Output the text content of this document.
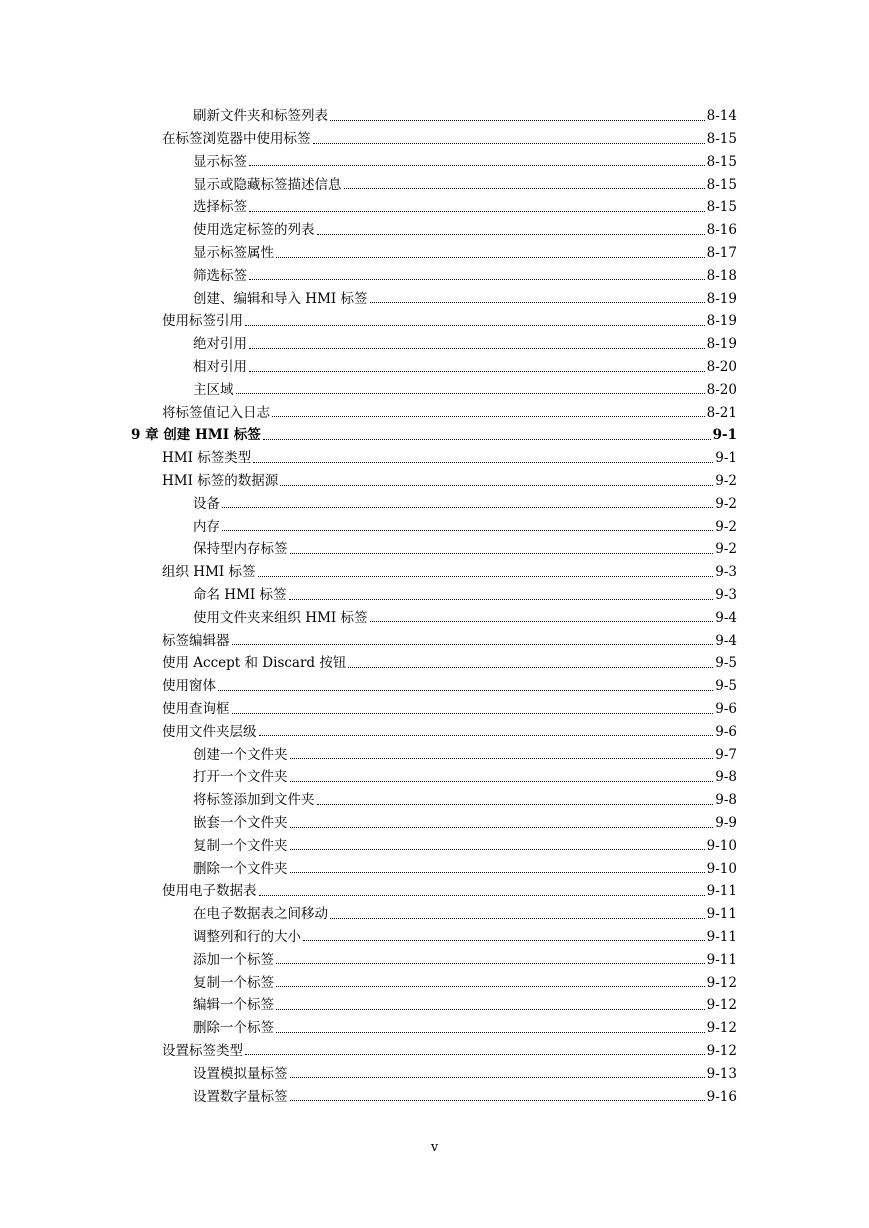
刷新文件夹和标签列表	8-14
在标签浏览器中使用标签	8-15
显示标签	8-15
显示或隐藏标签描述信息	8-15
选择标签	8-15
使用选定标签的列表	8-16
显示标签属性	8-17
筛选标签	8-18
创建、编辑和导入 HMI 标签	8-19
使用标签引用	8-19
绝对引用	8-19
相对引用	8-20
主区域	8-20
将标签值记入日志	8-21
9 章 创建 HMI 标签	9-1
HMI 标签类型	9-1
HMI 标签的数据源	9-2
设备	9-2
内存	9-2
保持型内存标签	9-2
组织 HMI 标签	9-3
命名 HMI 标签	9-3
使用文件夹来组织 HMI 标签	9-4
标签编辑器	9-4
使用 Accept 和 Discard 按钮	9-5
使用窗体	9-5
使用查询框	9-6
使用文件夹层级	9-6
创建一个文件夹	9-7
打开一个文件夹	9-8
将标签添加到文件夹	9-8
嵌套一个文件夹	9-9
复制一个文件夹	9-10
删除一个文件夹	9-10
使用电子数据表	9-11
在电子数据表之间移动	9-11
调整列和行的大小	9-11
添加一个标签	9-11
复制一个标签	9-12
编辑一个标签	9-12
删除一个标签	9-12
设置标签类型	9-12
设置模拟量标签	9-13
设置数字量标签	9-16
v
